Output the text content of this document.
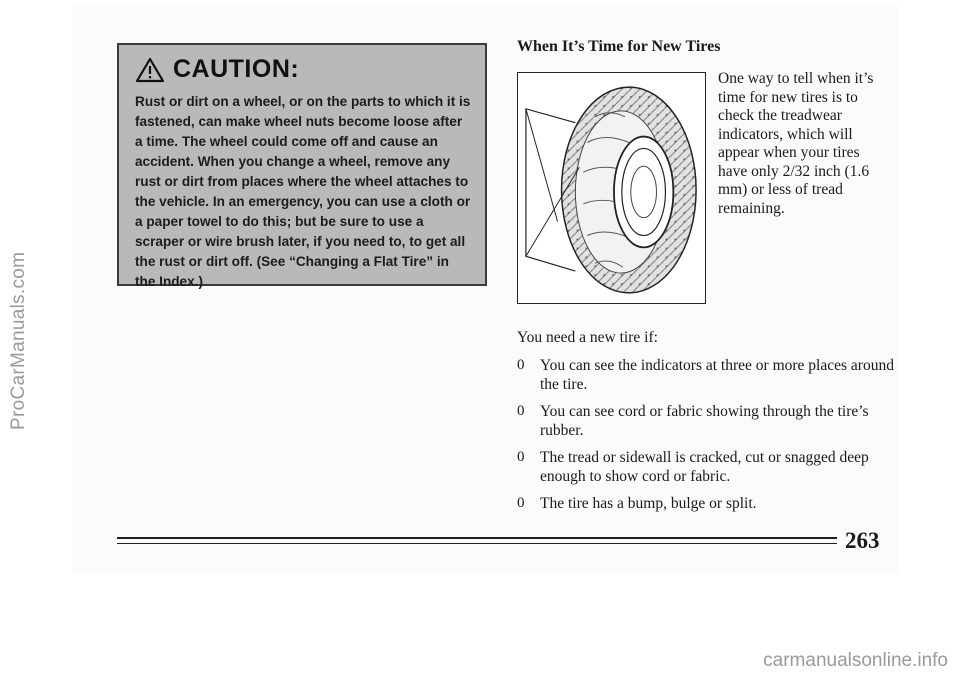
ProCarManuals.com
CAUTION:

Rust or dirt on a wheel, or on the parts to which it is fastened, can make wheel nuts become loose after a time. The wheel could come off and cause an accident. When you change a wheel, remove any rust or dirt from places where the wheel attaches to the vehicle. In an emergency, you can use a cloth or a paper towel to do this; but be sure to use a scraper or wire brush later, if you need to, to get all the rust or dirt off. (See “Changing a Flat Tire” in the Index.)

When It’s Time for New Tires

One way to tell when it’s time for new tires is to check the treadwear indicators, which will appear when your tires have only 2/32 inch (1.6 mm) or less of tread remaining.

You need a new tire if:

0 You can see the indicators at three or more places around the tire.
0 You can see cord or fabric showing through the tire’s rubber.
0 The tread or sidewall is cracked, cut or snagged deep enough to show cord or fabric.
0 The tire has a bump, bulge or split.
263
carmanualsonline.info
